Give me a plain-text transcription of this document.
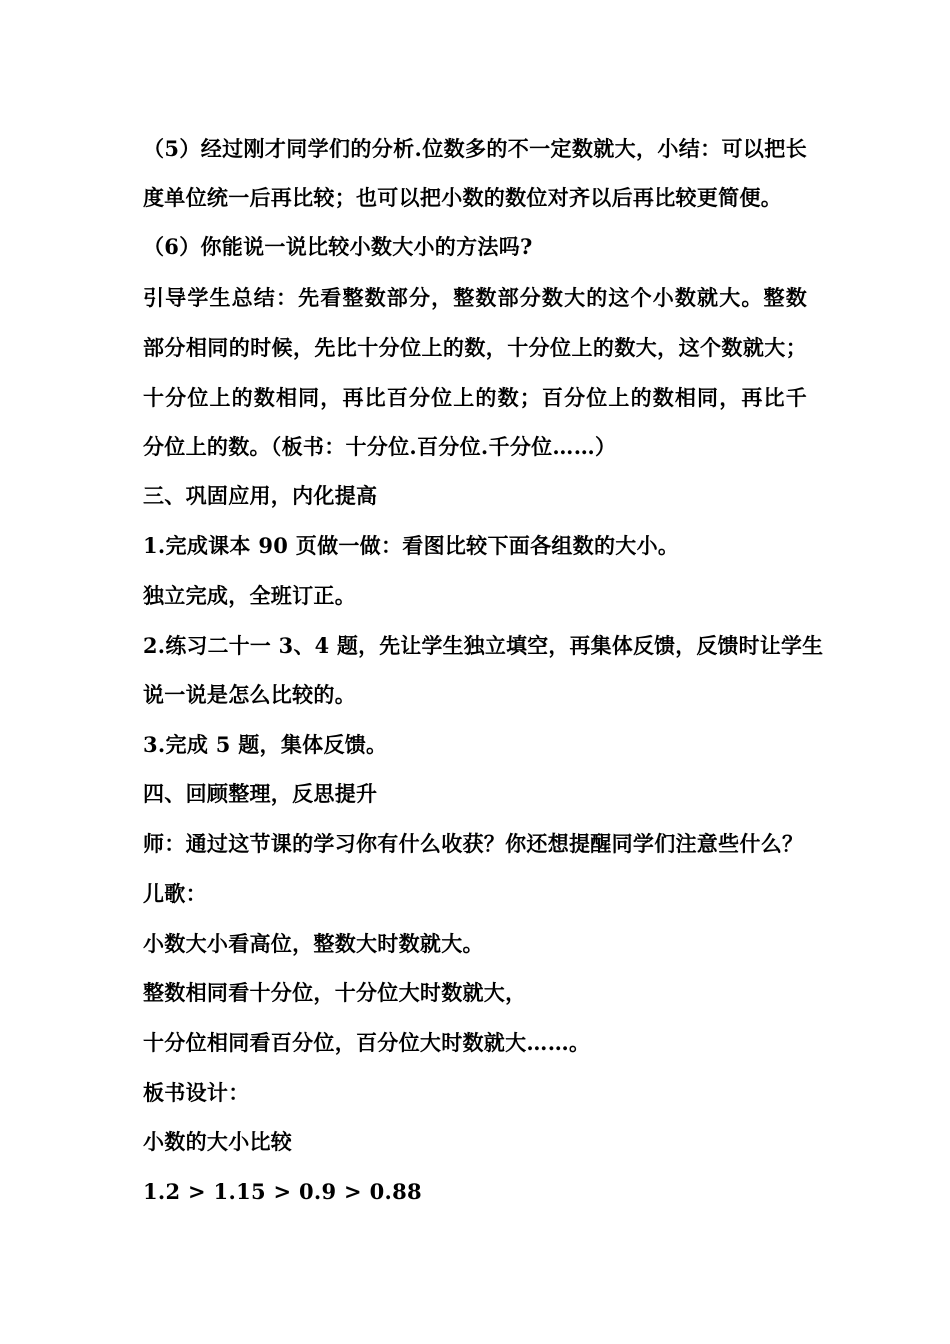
（5）经过刚才同学们的分析.位数多的不一定数就大，小结：可以把长
度单位统一后再比较；也可以把小数的数位对齐以后再比较更简便。
（6）你能说一说比较小数大小的方法吗?
引导学生总结：先看整数部分，整数部分数大的这个小数就大。整数
部分相同的时候，先比十分位上的数，十分位上的数大，这个数就大；
十分位上的数相同，再比百分位上的数；百分位上的数相同，再比千
分位上的数。（板书：十分位.百分位.千分位……）
三、巩固应用，内化提高
1.完成课本 90 页做一做：看图比较下面各组数的大小。
独立完成，全班订正。
2.练习二十一 3、4 题，先让学生独立填空，再集体反馈，反馈时让学生
说一说是怎么比较的。
3.完成 5 题，集体反馈。
四、回顾整理，反思提升
师：通过这节课的学习你有什么收获？你还想提醒同学们注意些什么？
儿歌：
小数大小看高位，整数大时数就大。
整数相同看十分位，十分位大时数就大，
十分位相同看百分位，百分位大时数就大……。
板书设计：
小数的大小比较
1.2 > 1.15 > 0.9 > 0.88
